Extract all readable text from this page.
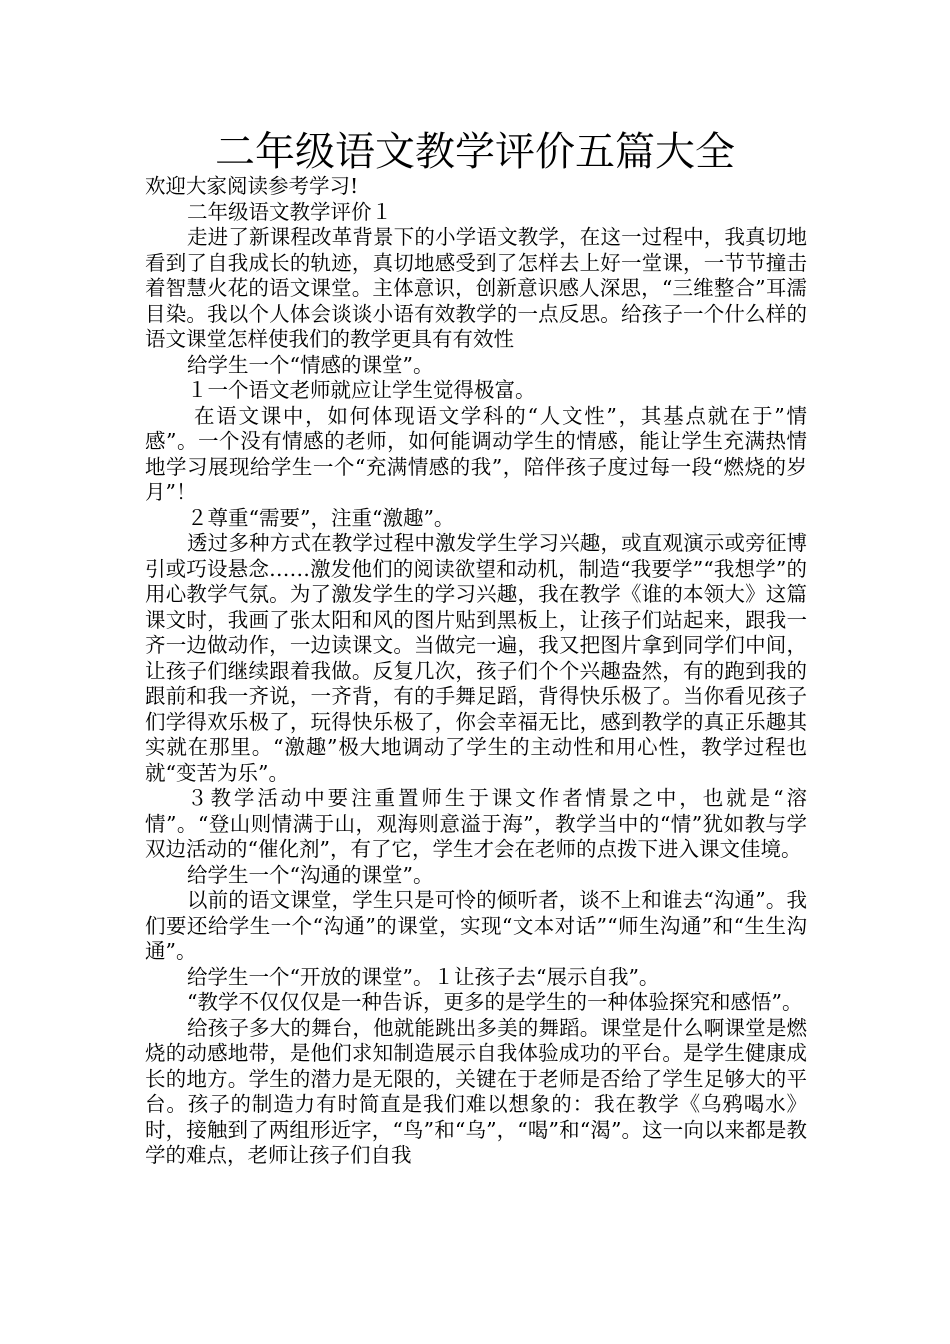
二年级语文教学评价五篇大全

欢迎大家阅读参考学习!

二年级语文教学评价１

走进了新课程改革背景下的小学语文教学，在这一过程中，我真切地看到了自我成长的轨迹，真切地感受到了怎样去上好一堂课，一节节撞击着智慧火花的语文课堂。主体意识，创新意识感人深思，“三维整合”耳濡目染。我以个人体会谈谈小语有效教学的一点反思。给孩子一个什么样的语文课堂怎样使我们的教学更具有有效性

给学生一个“情感的课堂”。

１一个语文老师就应让学生觉得极富。

在语文课中，如何体现语文学科的“人文性”，其基点就在于”情感”。一个没有情感的老师，如何能调动学生的情感，能让学生充满热情地学习展现给学生一个“充满情感的我”，陪伴孩子度过每一段“燃烧的岁月”！

２尊重“需要”，注重“激趣”。

透过多种方式在教学过程中激发学生学习兴趣，或直观演示或旁征博引或巧设悬念……激发他们的阅读欲望和动机，制造“我要学”“我想学”的用心教学气氛。为了激发学生的学习兴趣，我在教学《谁的本领大》这篇课文时，我画了张太阳和风的图片贴到黑板上，让孩子们站起来，跟我一齐一边做动作，一边读课文。当做完一遍，我又把图片拿到同学们中间，让孩子们继续跟着我做。反复几次，孩子们个个兴趣盎然，有的跑到我的跟前和我一齐说，一齐背，有的手舞足蹈，背得快乐极了。当你看见孩子们学得欢乐极了，玩得快乐极了，你会幸福无比，感到教学的真正乐趣其实就在那里。“激趣”极大地调动了学生的主动性和用心性，教学过程也就“变苦为乐”。

３教学活动中要注重置师生于课文作者情景之中，也就是“溶情”。“登山则情满于山，观海则意溢于海”，教学当中的“情”犹如教与学双边活动的“催化剂”，有了它，学生才会在老师的点拨下进入课文佳境。

给学生一个“沟通的课堂”。

以前的语文课堂，学生只是可怜的倾听者，谈不上和谁去“沟通”。我们要还给学生一个“沟通”的课堂，实现“文本对话”“师生沟通”和“生生沟通”。

给学生一个“开放的课堂”。１让孩子去“展示自我”。

“教学不仅仅仅是一种告诉，更多的是学生的一种体验探究和感悟”。

给孩子多大的舞台，他就能跳出多美的舞蹈。课堂是什么啊课堂是燃烧的动感地带，是他们求知制造展示自我体验成功的平台。是学生健康成长的地方。学生的潜力是无限的，关键在于老师是否给了学生足够大的平台。孩子的制造力有时简直是我们难以想象的：我在教学《乌鸦喝水》时，接触到了两组形近字，“鸟”和“乌”，“喝”和“渴”。这一向以来都是教学的难点，老师让孩子们自我
